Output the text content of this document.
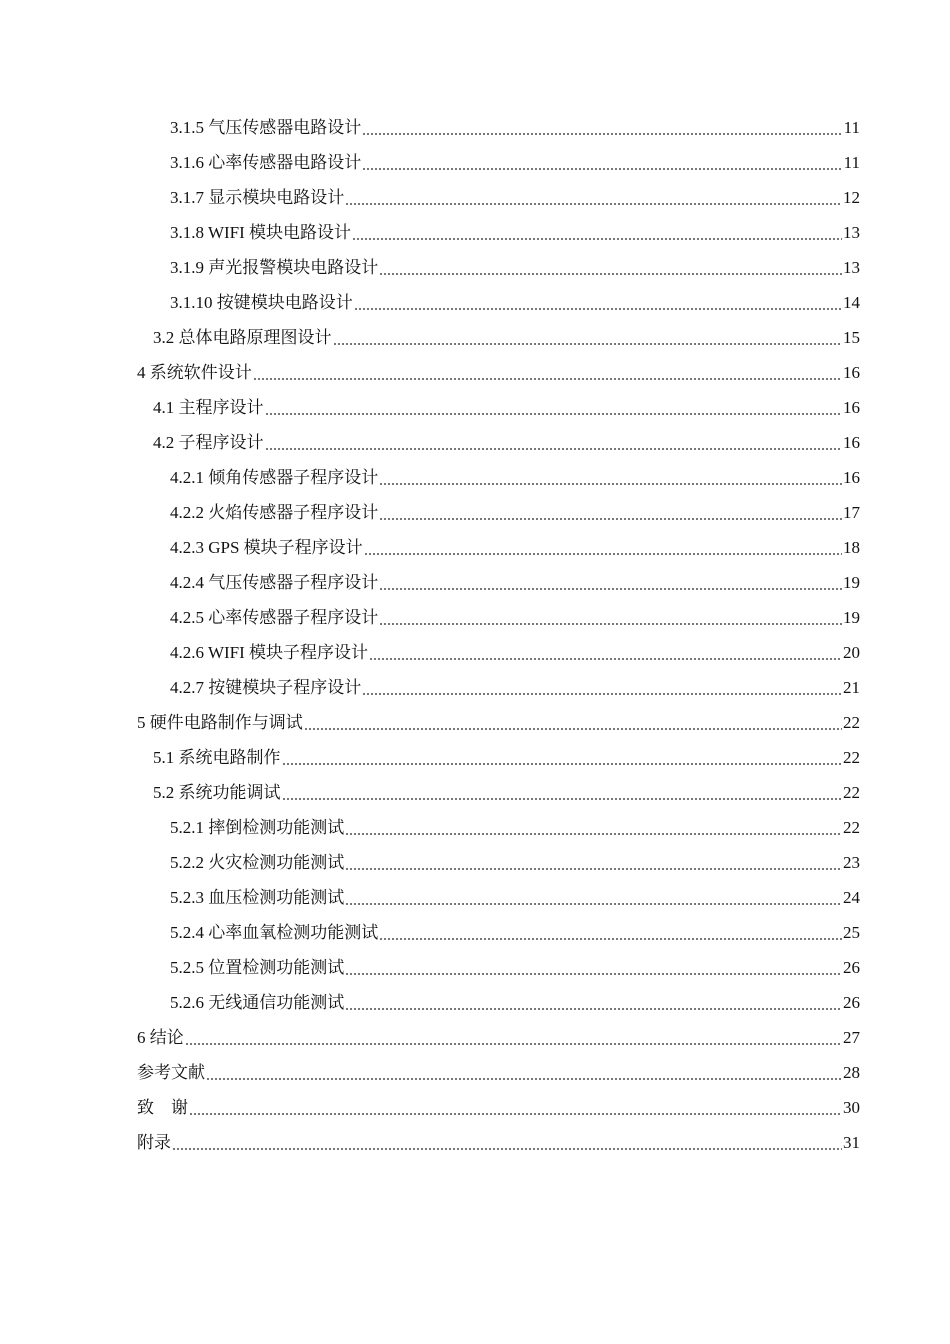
3.1.5 气压传感器电路设计	11
3.1.6 心率传感器电路设计	11
3.1.7 显示模块电路设计	12
3.1.8 WIFI 模块电路设计	13
3.1.9 声光报警模块电路设计	13
3.1.10 按键模块电路设计	14
3.2 总体电路原理图设计	15
4 系统软件设计	16
4.1 主程序设计	16
4.2 子程序设计	16
4.2.1 倾角传感器子程序设计	16
4.2.2 火焰传感器子程序设计	17
4.2.3 GPS 模块子程序设计	18
4.2.4 气压传感器子程序设计	19
4.2.5 心率传感器子程序设计	19
4.2.6 WIFI 模块子程序设计	20
4.2.7 按键模块子程序设计	21
5 硬件电路制作与调试	22
5.1 系统电路制作	22
5.2 系统功能调试	22
5.2.1 摔倒检测功能测试	22
5.2.2 火灾检测功能测试	23
5.2.3 血压检测功能测试	24
5.2.4 心率血氧检测功能测试	25
5.2.5 位置检测功能测试	26
5.2.6 无线通信功能测试	26
6 结论	27
参考文献	28
致　谢	30
附录	31
